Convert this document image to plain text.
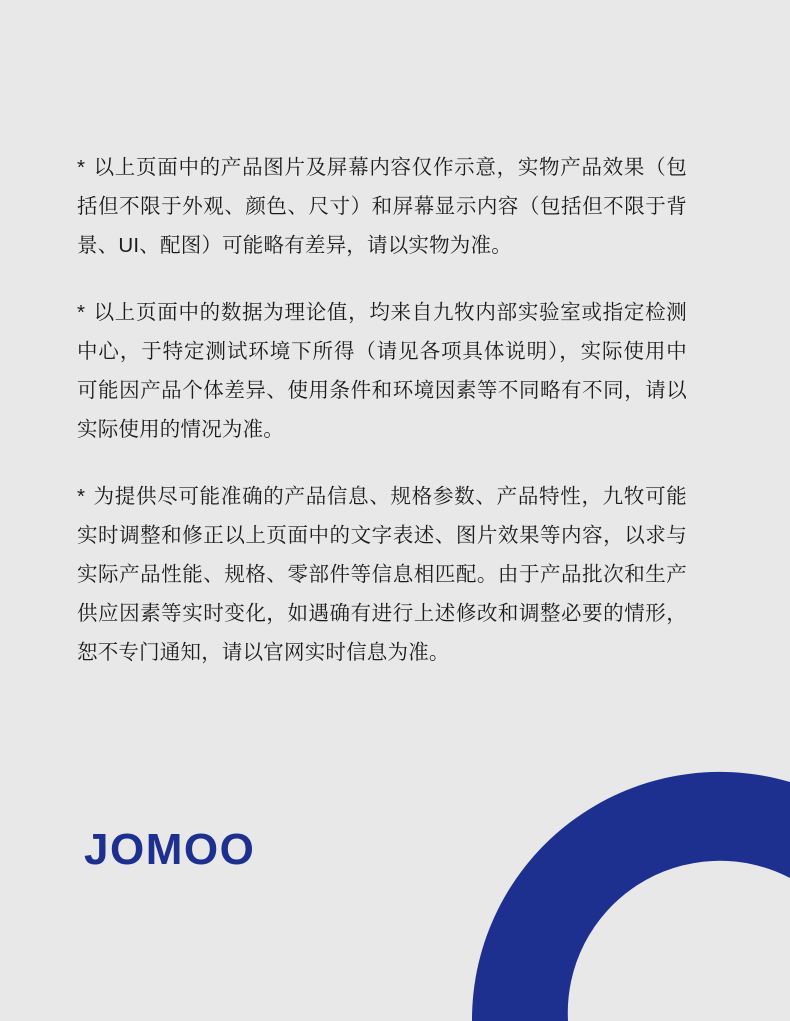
* 以上页面中的产品图片及屏幕内容仅作示意，实物产品效果（包括但不限于外观、颜色、尺寸）和屏幕显示内容（包括但不限于背景、UI、配图）可能略有差异，请以实物为准。

* 以上页面中的数据为理论值，均来自九牧内部实验室或指定检测中心，于特定测试环境下所得（请见各项具体说明），实际使用中可能因产品个体差异、使用条件和环境因素等不同略有不同，请以实际使用的情况为准。

* 为提供尽可能准确的产品信息、规格参数、产品特性，九牧可能实时调整和修正以上页面中的文字表述、图片效果等内容，以求与实际产品性能、规格、零部件等信息相匹配。由于产品批次和生产供应因素等实时变化，如遇确有进行上述修改和调整必要的情形，恕不专门通知，请以官网实时信息为准。

JOMOO
